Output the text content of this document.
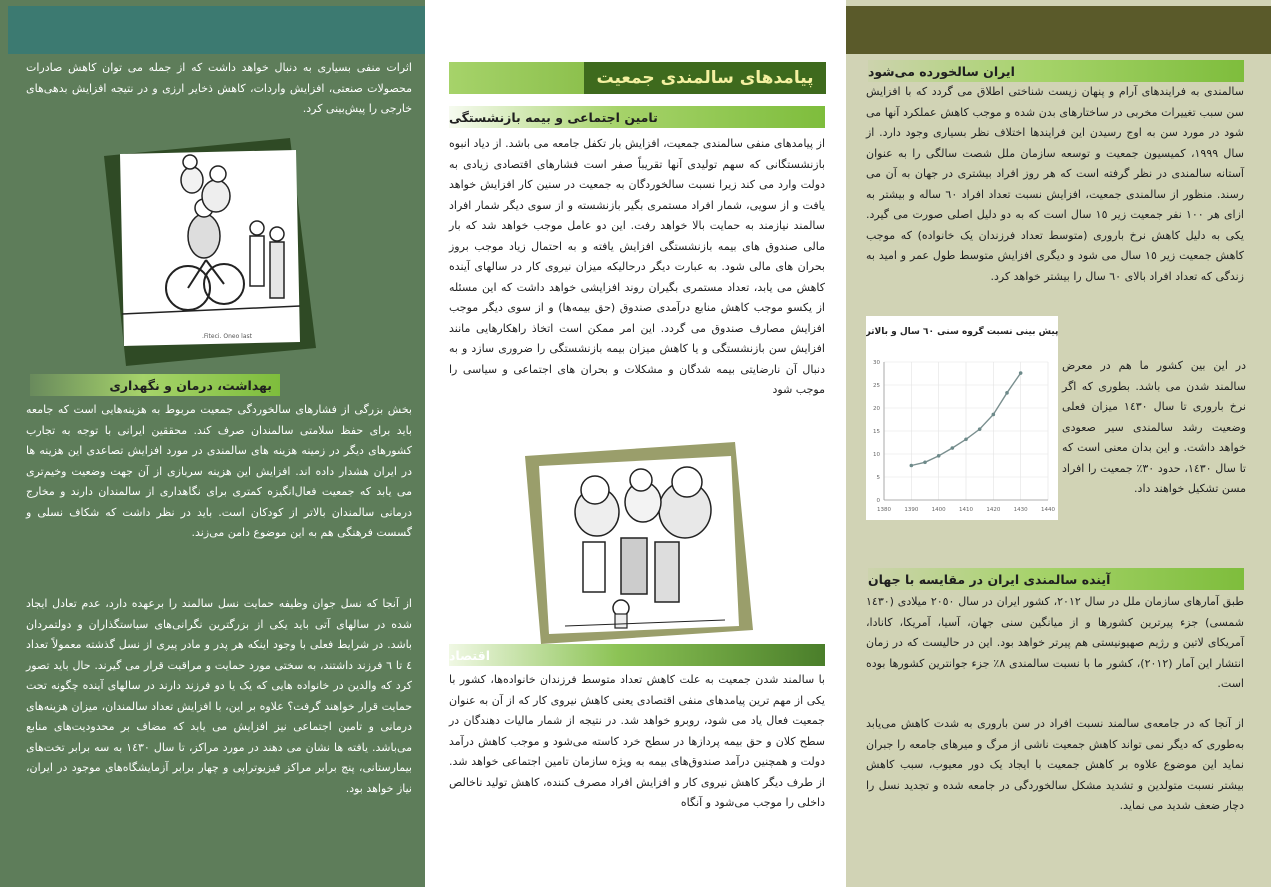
اثرات منفی بسیاری به دنبال خواهد داشت که از جمله می توان کاهش صادرات محصولات صنعتی، افزایش واردات، کاهش ذخایر ارزی و در نتیجه افزایش بدهی‌های خارجی را پیش‌بینی کرد.

Fiteci. Oneo last.
بهداشت، درمان و نگهداری

بخش بزرگی از فشارهای سالخوردگی جمعیت مربوط به هزینه‌هایی است که جامعه باید برای حفظ سلامتی سالمندان صرف کند. محققین ایرانی با توجه به تجارب کشورهای دیگر در زمینه هزینه های سالمندی در مورد افزایش تصاعدی این هزینه ها در ایران هشدار داده اند. افزایش این هزینه سربازی از آن جهت وضعیت وخیم‌تری می یابد که جمعیت فعال‌انگیزه کمتری برای نگاهداری از سالمندان دارند و مخارج درمانی سالمندان بالاتر از کودکان است. باید در نظر داشت که شکاف نسلی و گسست فرهنگی هم به این موضوع دامن می‌زند.

از آنجا که نسل جوان وظیفه حمایت نسل سالمند را برعهده دارد، عدم تعادل ایجاد شده در سالهای آتی باید یکی از بزرگترین نگرانی‌های سیاستگذاران و دولتمردان باشد. در شرایط فعلی با وجود اینکه هر پدر و مادر پیری از نسل گذشته معمولاً تعداد ٤ تا ٦ فرزند داشتند، به سختی مورد حمایت و مراقبت قرار می گیرند. حال باید تصور کرد که والدین در خانواده هایی که یک یا دو فرزند دارند در سالهای آینده چگونه تحت حمایت قرار خواهند گرفت؟ علاوه بر این، با افزایش تعداد سالمندان، میزان هزینه‌های درمانی و تامین اجتماعی نیز افزایش می یابد که مضاف بر محدودیت‌های منابع می‌باشد. یافته ها نشان می دهند در مورد مراکز، تا سال ١٤٣٠ به سه برابر تخت‌های بیمارستانی، پنج برابر مراکز فیزیوتراپی و چهار برابر آزمایشگاه‌های موجود در ایران، نیاز خواهد بود.

پیامدهای سالمندی جمعیت
تامین اجتماعی و بیمه بازنشستگی

از پیامدهای منفی سالمندی جمعیت، افزایش بار تکفل جامعه می باشد. از دیاد انبوه بازنشستگانی که سهم تولیدی آنها تقریباً صفر است فشارهای اقتصادی زیادی به دولت وارد می کند زیرا نسبت سالخوردگان به جمعیت در سنین کار افزایش خواهد یافت و از سویی، شمار افراد مستمری بگیر بازنشسته و از سوی دیگر شمار افراد سالمند نیازمند به حمایت بالا خواهد رفت. این دو عامل موجب خواهد شد که بار مالی صندوق های بیمه بازنشستگی افزایش یافته و به احتمال زیاد موجب بروز بحران های مالی شود. به عبارت دیگر درحالیکه میزان نیروی کار در سالهای آینده کاهش می یابد، تعداد مستمری بگیران روند افزایشی خواهد داشت که این مسئله از یکسو موجب کاهش منابع درآمدی صندوق (حق بیمه‌ها) و از سوی دیگر موجب افزایش مصارف صندوق می گردد. این امر ممکن است اتخاذ راهکارهایی مانند افزایش سن بازنشستگی و یا کاهش میزان بیمه بازنشستگی را ضروری سازد و به دنبال آن نارضایتی بیمه شدگان و مشکلات و بحران های اجتماعی و سیاسی را موجب شود

اقتصاد

با سالمند شدن جمعیت به علت کاهش تعداد متوسط فرزندان خانواده‌ها، کشور با یکی از مهم ترین پیامدهای منفی اقتصادی یعنی کاهش نیروی کار که از آن به عنوان جمعیت فعال یاد می شود، روبرو خواهد شد. در نتیجه از شمار مالیات دهندگان در سطح کلان و حق بیمه پردازها در سطح خرد کاسته می‌شود و موجب کاهش درآمد دولت و همچنین درآمد صندوق‌های بیمه به ویژه سازمان تامین اجتماعی خواهد شد. از طرف دیگر کاهش نیروی کار و افزایش افراد مصرف کننده، کاهش تولید ناخالص داخلی را موجب می‌شود و آنگاه

ایران سالخورده می‌شود

سالمندی به فرایندهای آرام و پنهان زیست شناختی اطلاق می گردد که با افزایش سن سبب تغییرات مخربی در ساختارهای بدن شده و موجب کاهش عملکرد آنها می شود در مورد سن به اوج رسیدن این فرایندها اختلاف نظر بسیاری وجود دارد. از سال ١٩٩٩، کمیسیون جمعیت و توسعه سازمان ملل شصت سالگی را به عنوان آستانه سالمندی در نظر گرفته است که هر روز افراد بیشتری در جهان به آن می رسند. منظور از سالمندی جمعیت، افزایش نسبت تعداد افراد ٦٠ ساله و بیشتر به ازای هر ١٠٠ نفر جمعیت زیر ١٥ سال است که به دو دلیل اصلی صورت می گیرد. یکی به دلیل کاهش نرخ باروری (متوسط تعداد فرزندان یک خانواده) که موجب کاهش جمعیت زیر ١٥ سال می شود و دیگری افزایش متوسط طول عمر و امید به زندگی که تعداد افراد بالای ٦٠ سال را بیشتر خواهد کرد.

پیش بینی نسبت گروه سنی ٦٠ سال و بالاتر
1380 1390 1400 1410 1420 1430 1440
0
5
10
15
20
25
30	در این بین کشور ما هم در معرض سالمند شدن می باشد. بطوری که اگر نرخ باروری تا سال ١٤٣٠ میزان فعلی وضعیت رشد سالمندی سیر صعودی خواهد داشت. و این بدان معنی است که تا سال ١٤٣٠، حدود ٣٠٪ جمعیت را افراد مسن تشکیل خواهند داد.

آینده سالمندی ایران در مقایسه با جهان

طبق آمارهای سازمان ملل در سال ٢٠١٢، کشور ایران در سال ٢٠٥٠ میلادی (١٤٣٠ شمسی) جزء پیرترین کشورها و از میانگین سنی جهان، آسیا، آمریکا، کانادا، آمریکای لاتین و رژیم صهیونیستی هم پیرتر خواهد بود. این در حالیست که در زمان انتشار این آمار (٢٠١٢)، کشور ما با نسبت سالمندی ٨٪ جزء جوانترین کشورها بوده است.

از آنجا که در جامعه‌ی سالمند نسبت افراد در سن باروری به شدت کاهش می‌یابد به‌طوری که دیگر نمی تواند کاهش جمعیت ناشی از مرگ و میرهای جامعه را جبران نماید این موضوع علاوه بر کاهش جمعیت با ایجاد یک دور معیوب، سبب کاهش بیشتر نسبت متولدین و تشدید مشکل سالخوردگی در جامعه شده و تجدید نسل را دچار ضعف شدید می نماید.
